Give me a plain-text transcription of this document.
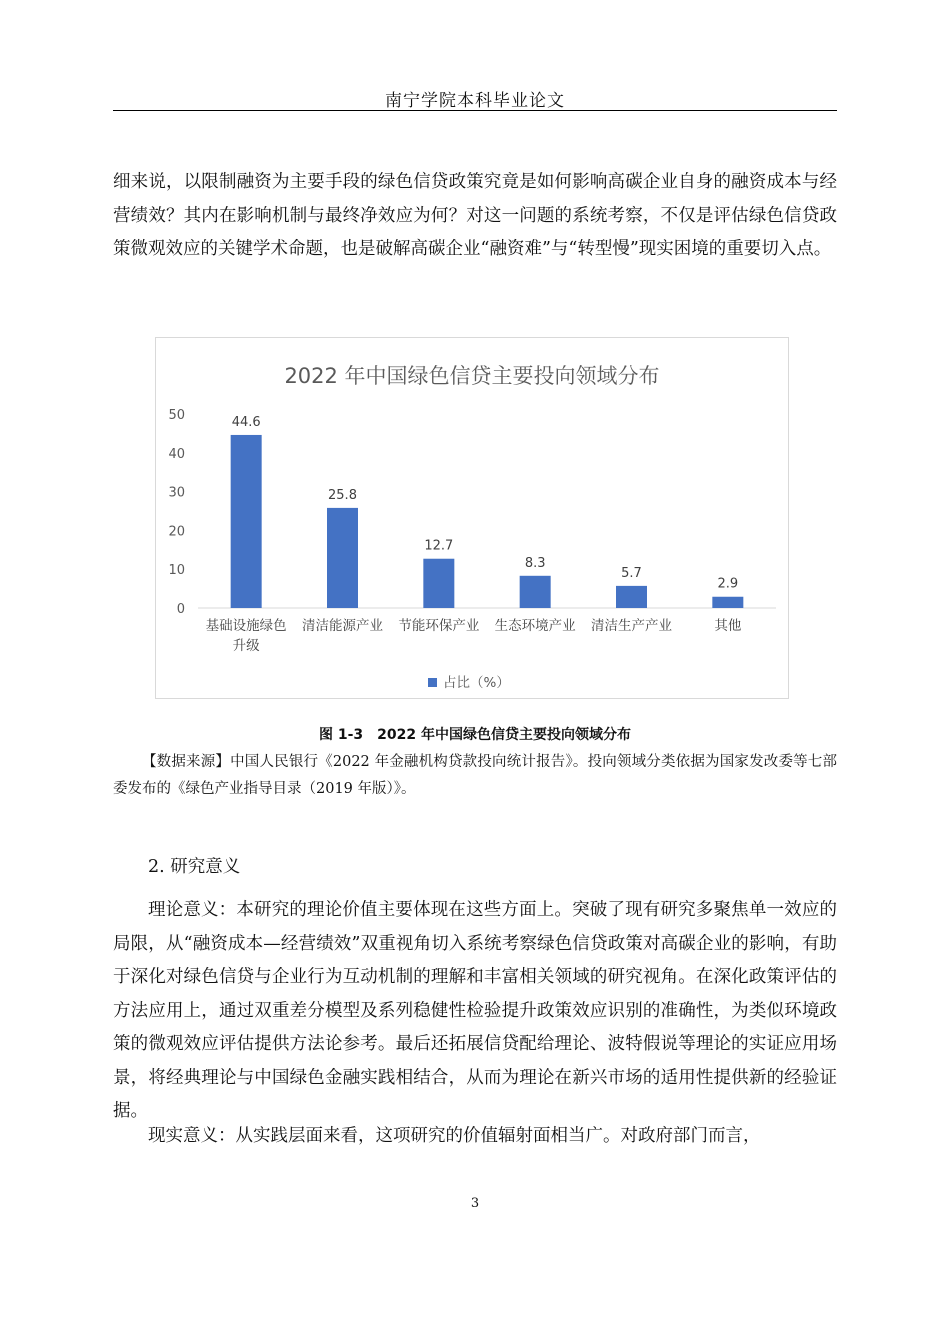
南宁学院本科毕业论文

细来说，以限制融资为主要手段的绿色信贷政策究竟是如何影响高碳企业自身的融资成本与经营绩效？其内在影响机制与最终净效应为何？对这一问题的系统考察，不仅是评估绿色信贷政策微观效应的关键学术命题，也是破解高碳企业“融资难”与“转型慢”现实困境的重要切入点。

2022 年中国绿色信贷主要投向领域分布
0
10
20
30
40
50	44.6
基础设施绿色
升级
25.8
清洁能源产业
12.7
节能环保产业
8.3
生态环境产业
5.7
清洁生产产业
2.9
其他
占比（%）
图 1-3　2022 年中国绿色信贷主要投向领域分布

【数据来源】中国人民银行《2022 年金融机构贷款投向统计报告》。投向领域分类依据为国家发改委等七部委发布的《绿色产业指导目录（2019 年版）》。

2. 研究意义

理论意义：本研究的理论价值主要体现在这些方面上。突破了现有研究多聚焦单一效应的局限，从“融资成本—经营绩效”双重视角切入系统考察绿色信贷政策对高碳企业的影响，有助于深化对绿色信贷与企业行为互动机制的理解和丰富相关领域的研究视角。在深化政策评估的方法应用上，通过双重差分模型及系列稳健性检验提升政策效应识别的准确性，为类似环境政策的微观效应评估提供方法论参考。最后还拓展信贷配给理论、波特假说等理论的实证应用场景，将经典理论与中国绿色金融实践相结合，从而为理论在新兴市场的适用性提供新的经验证据。

现实意义：从实践层面来看，这项研究的价值辐射面相当广。对政府部门而言，

3
